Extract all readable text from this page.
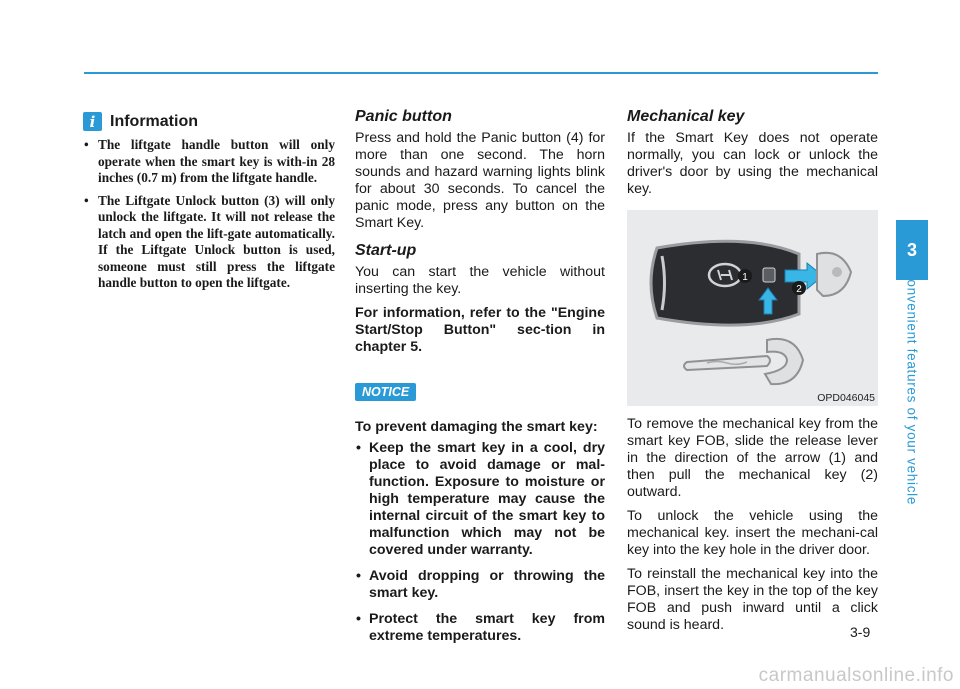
i Information
• The liftgate handle button will only operate when the smart key is with-in 28 inches (0.7 m) from the liftgate handle.
• The Liftgate Unlock button (3) will only unlock the liftgate. It will not release the latch and open the lift-gate automatically. If the Liftgate Unlock button is used, someone must still press the liftgate handle button to open the liftgate.
Panic button

Press and hold the Panic button (4) for more than one second. The horn sounds and hazard warning lights blink for about 30 seconds. To cancel the panic mode, press any button on the Smart Key.

Start-up

You can start the vehicle without inserting the key.

For information, refer to the "Engine Start/Stop Button" sec-tion in chapter 5.

NOTICE

To prevent damaging the smart key:

• Keep the smart key in a cool, dry place to avoid damage or mal-function. Exposure to moisture or high temperature may cause the internal circuit of the smart key to malfunction which may not be covered under warranty.
• Avoid dropping or throwing the smart key.
• Protect the smart key from extreme temperatures.
Mechanical key

If the Smart Key does not operate normally, you can lock or unlock the driver's door by using the mechanical key.

1
2
OPD046045

To remove the mechanical key from the smart key FOB, slide the release lever in the direction of the arrow (1) and then pull the mechanical key (2) outward.

To unlock the vehicle using the mechanical key. insert the mechani-cal key into the key hole in the driver door.

To reinstall the mechanical key into the FOB, insert the key in the top of the key FOB and push inward until a click sound is heard.

3
Convenient features of your vehicle
3-9
carmanualsonline.info
